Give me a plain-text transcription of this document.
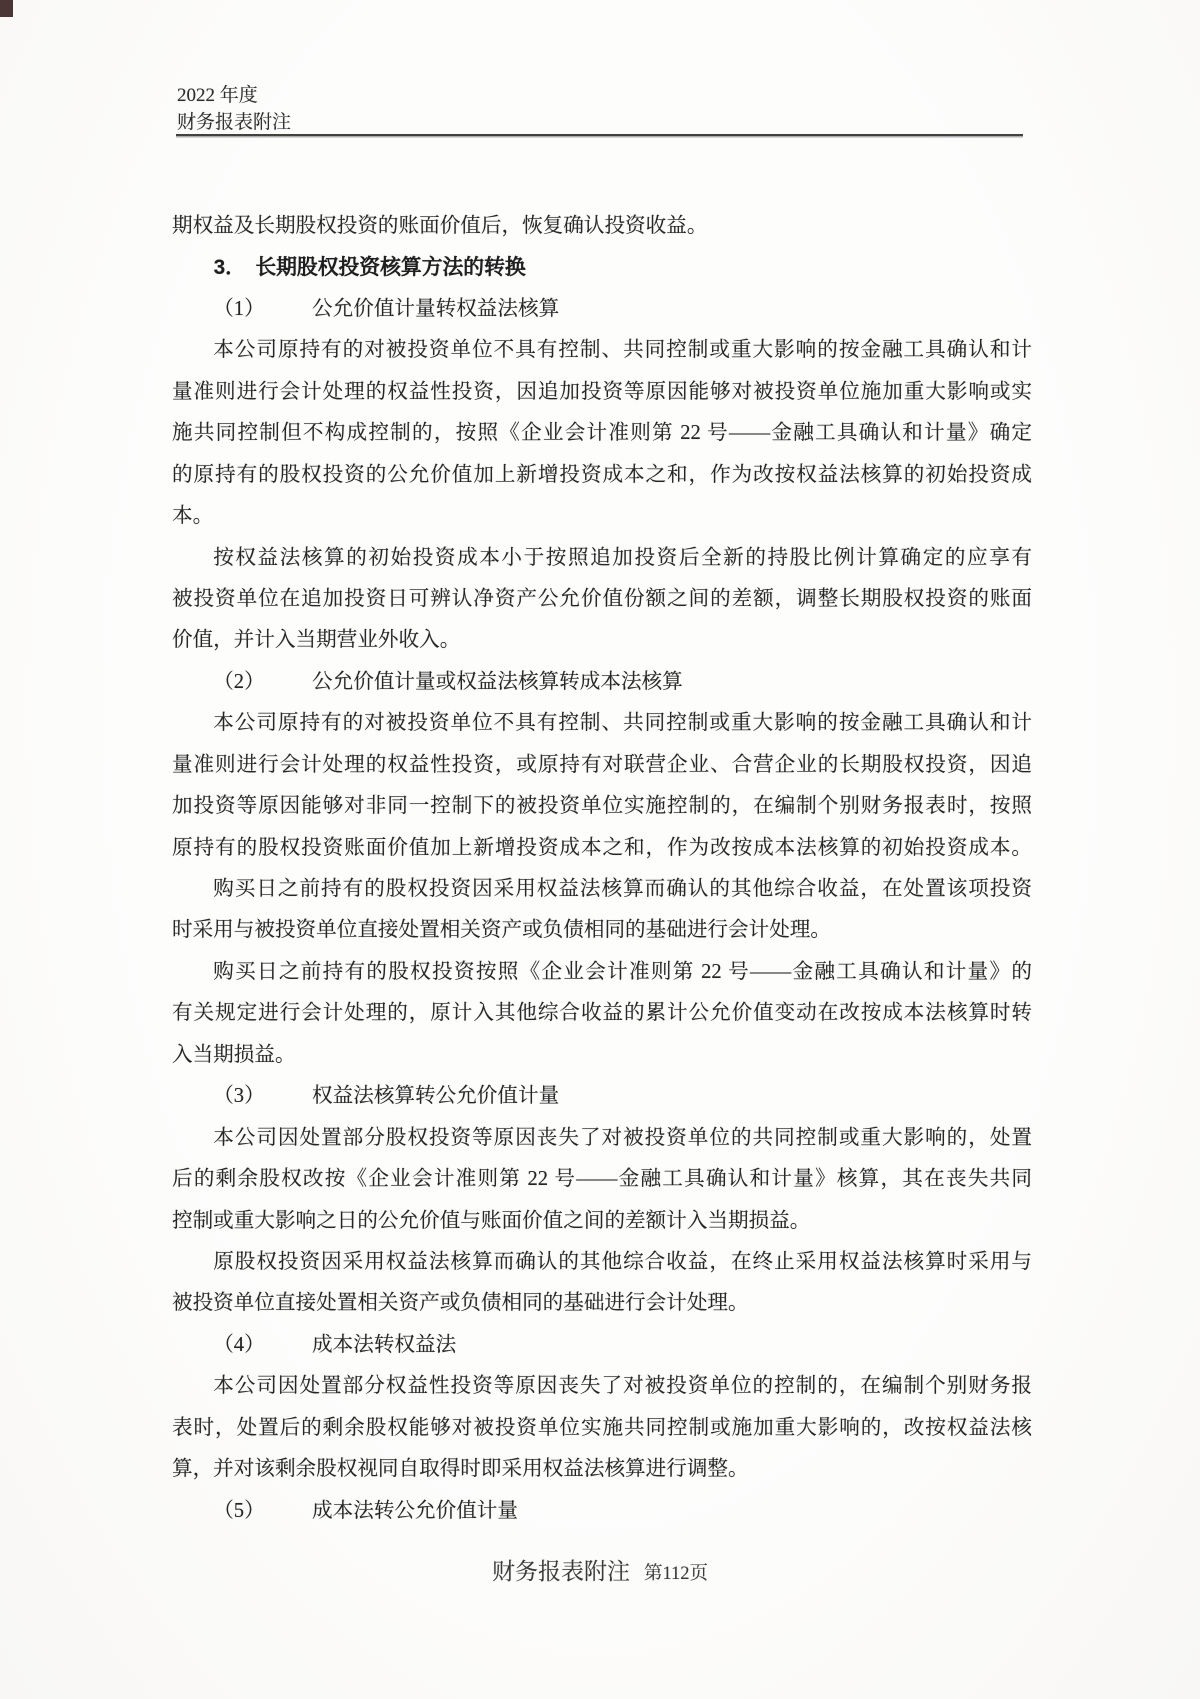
2022 年度
财务报表附注
期权益及长期股权投资的账面价值后，恢复确认投资收益。
3． 长期股权投资核算方法的转换
（1） 公允价值计量转权益法核算
本公司原持有的对被投资单位不具有控制、共同控制或重大影响的按金融工具确认和计
量准则进行会计处理的权益性投资，因追加投资等原因能够对被投资单位施加重大影响或实
施共同控制但不构成控制的，按照《企业会计准则第 22 号——金融工具确认和计量》确定
的原持有的股权投资的公允价值加上新增投资成本之和，作为改按权益法核算的初始投资成
本。
按权益法核算的初始投资成本小于按照追加投资后全新的持股比例计算确定的应享有
被投资单位在追加投资日可辨认净资产公允价值份额之间的差额，调整长期股权投资的账面
价值，并计入当期营业外收入。
（2） 公允价值计量或权益法核算转成本法核算
本公司原持有的对被投资单位不具有控制、共同控制或重大影响的按金融工具确认和计
量准则进行会计处理的权益性投资，或原持有对联营企业、合营企业的长期股权投资，因追
加投资等原因能够对非同一控制下的被投资单位实施控制的，在编制个别财务报表时，按照
原持有的股权投资账面价值加上新增投资成本之和，作为改按成本法核算的初始投资成本。
购买日之前持有的股权投资因采用权益法核算而确认的其他综合收益，在处置该项投资
时采用与被投资单位直接处置相关资产或负债相同的基础进行会计处理。
购买日之前持有的股权投资按照《企业会计准则第 22 号——金融工具确认和计量》的
有关规定进行会计处理的，原计入其他综合收益的累计公允价值变动在改按成本法核算时转
入当期损益。
（3） 权益法核算转公允价值计量
本公司因处置部分股权投资等原因丧失了对被投资单位的共同控制或重大影响的，处置
后的剩余股权改按《企业会计准则第 22 号——金融工具确认和计量》核算，其在丧失共同
控制或重大影响之日的公允价值与账面价值之间的差额计入当期损益。
原股权投资因采用权益法核算而确认的其他综合收益，在终止采用权益法核算时采用与
被投资单位直接处置相关资产或负债相同的基础进行会计处理。
（4） 成本法转权益法
本公司因处置部分权益性投资等原因丧失了对被投资单位的控制的，在编制个别财务报
表时，处置后的剩余股权能够对被投资单位实施共同控制或施加重大影响的，改按权益法核
算，并对该剩余股权视同自取得时即采用权益法核算进行调整。
（5） 成本法转公允价值计量
财务报表附注 第112页
